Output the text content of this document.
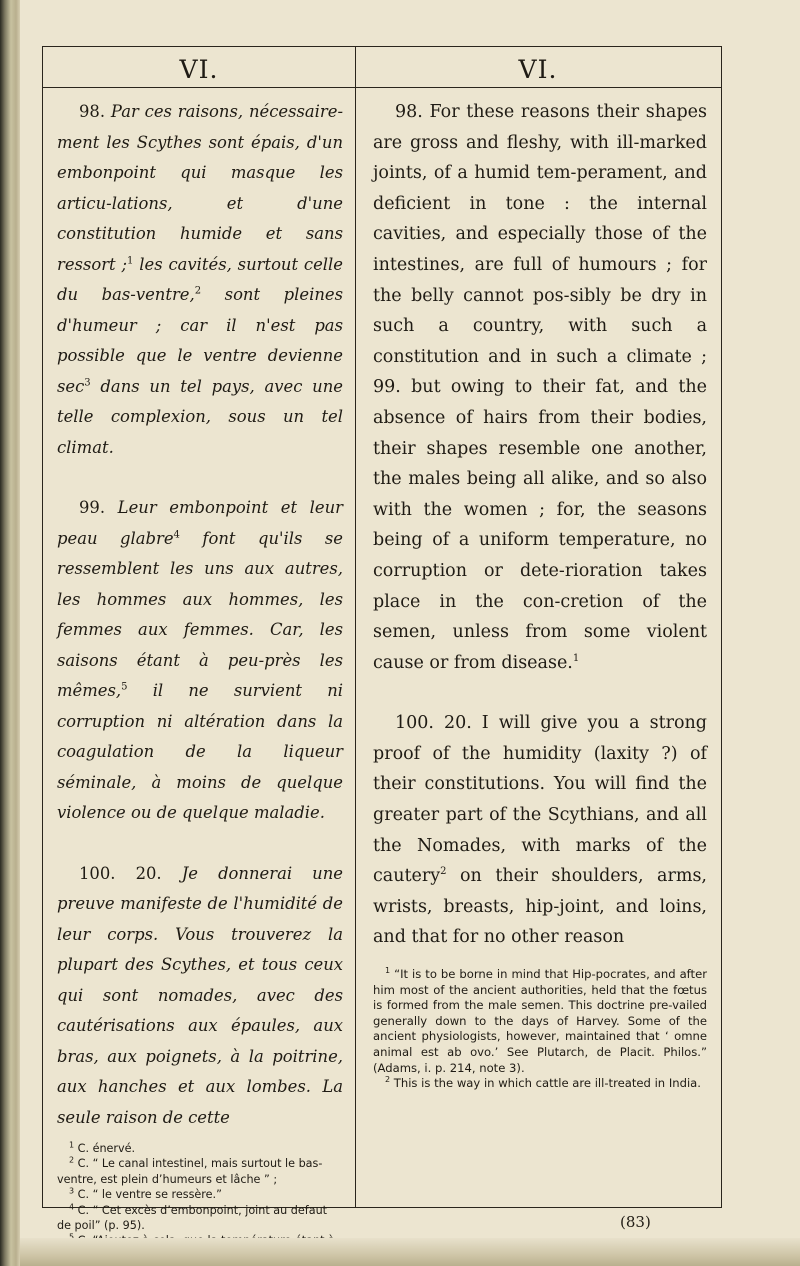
VI.	VI.

98. Par ces raisons, nécessaire-ment les Scythes sont épais, d'un embonpoint qui masque les articu-lations, et d'une constitution humide et sans ressort ;$^1$ les cavités, surtout celle du bas-ventre,$^2$ sont pleines d'humeur ; car il n'est pas possible que le ventre devienne $\sec^3$ dans un tel pays, avec une telle complexion, sous un tel climat.

99. Leur embonpoint et leur peau glabre$^4$ font qu'ils se ressemblent les uns aux autres, les hommes aux hommes, les femmes aux femmes. Car, les saisons étant à peu-près les mêmes,$^5$ il ne survient ni corruption ni altération dans la coagulation de la liqueur séminale, à moins de quelque violence ou de quelque maladie.

100. 20. Je donnerai une preuve manifeste de l'humidité de leur corps. Vous trouverez la plupart des Scythes, et tous ceux qui sont nomades, avec des cautérisations aux épaules, aux bras, aux poignets, à la poitrine, aux hanches et aux lombes. La seule raison de cette

$^1$ C. énervé.

$^2$ C. “ Le canal intestinel, mais surtout le bas-ventre, est plein d’humeurs et lâche ” ;

$^3$ C. “ le ventre se ressère.”

$^4$ C. “ Cet excès d’embonpoint, joint au defaut de poil” (p. 95).

98. For these reasons their shapes are gross and fleshy, with ill-marked joints, of a humid tem-perament, and deficient in tone : the internal cavities, and especially those of the intestines, are full of humours ; for the belly cannot pos-sibly be dry in such a country, with such a constitution and in such a climate ; 99. but owing to their fat, and the absence of hairs from their bodies, their shapes resemble one another, the males being all alike, and so also with the women ; for, the seasons being of a uniform temperature, no corruption or dete-rioration takes place in the con-cretion of the semen, unless from some violent cause or from disease.$^1$

100. 20. I will give you a strong proof of the humidity (laxity ?) of their constitutions. You will find the greater part of the Scythians, and all the Nomades, with marks of the cautery$^2$ on their shoulders, arms, wrists, breasts, hip-joint, and loins, and that for no other reason

$^1$ “It is to be borne in mind that Hip-pocrates, and after him most of the ancient authorities, held that the fœtus is formed from the male semen. This doctrine pre-vailed generally down to the days of Harvey. Some of the ancient physiologists, however, maintained that ‘ omne animal est ab ovo.’ See Plutarch, de Placit. Philos.” (Adams, i. p. 214, note 3).

$^2$ This is the way in which cattle are ill-treated in India.

(83)
